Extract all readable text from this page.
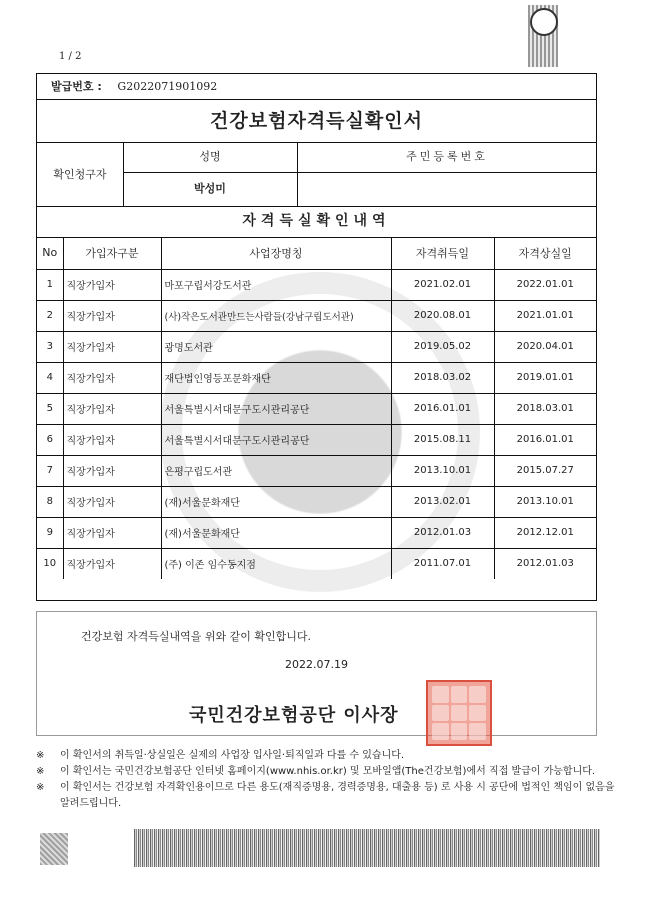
1 / 2
발급번호 : G2022071901092
건강보험자격득실확인서
확인청구자
성명	주민등록번호
박성미
자격득실확인내역
No	가입자구분	사업장명칭	자격취득일	자격상실일
1	직장가입자	마포구립서강도서관	2021.02.01	2022.01.01
2	직장가입자	(사)작은도서관만드는사람들(강남구립도서관)	2020.08.01	2021.01.01
3	직장가입자	광명도서관	2019.05.02	2020.04.01
4	직장가입자	재단법인영등포문화재단	2018.03.02	2019.01.01
5	직장가입자	서울특별시서대문구도시관리공단	2016.01.01	2018.03.01
6	직장가입자	서울특별시서대문구도시관리공단	2015.08.11	2016.01.01
7	직장가입자	은평구립도서관	2013.10.01	2015.07.27
8	직장가입자	(재)서울문화재단	2013.02.01	2013.10.01
9	직장가입자	(재)서울문화재단	2012.01.03	2012.12.01
10	직장가입자	(주) 이존 임수동지점	2011.07.01	2012.01.03
건강보험 자격득실내역을 위와 같이 확인합니다.
2022.07.19
국민건강보험공단 이사장
※ 이 확인서의 취득일·상실일은 실제의 사업장 입사일·퇴직일과 다를 수 있습니다.
※ 이 확인서는 국민건강보험공단 인터넷 홈페이지(www.nhis.or.kr) 및 모바일앱(The건강보험)에서 직접 발급이 가능합니다.
※ 이 확인서는 건강보험 자격확인용이므로 다른 용도(재직증명용, 경력증명용, 대출용 등) 로 사용 시 공단에 법적인 책임이 없음을 알려드립니다.
